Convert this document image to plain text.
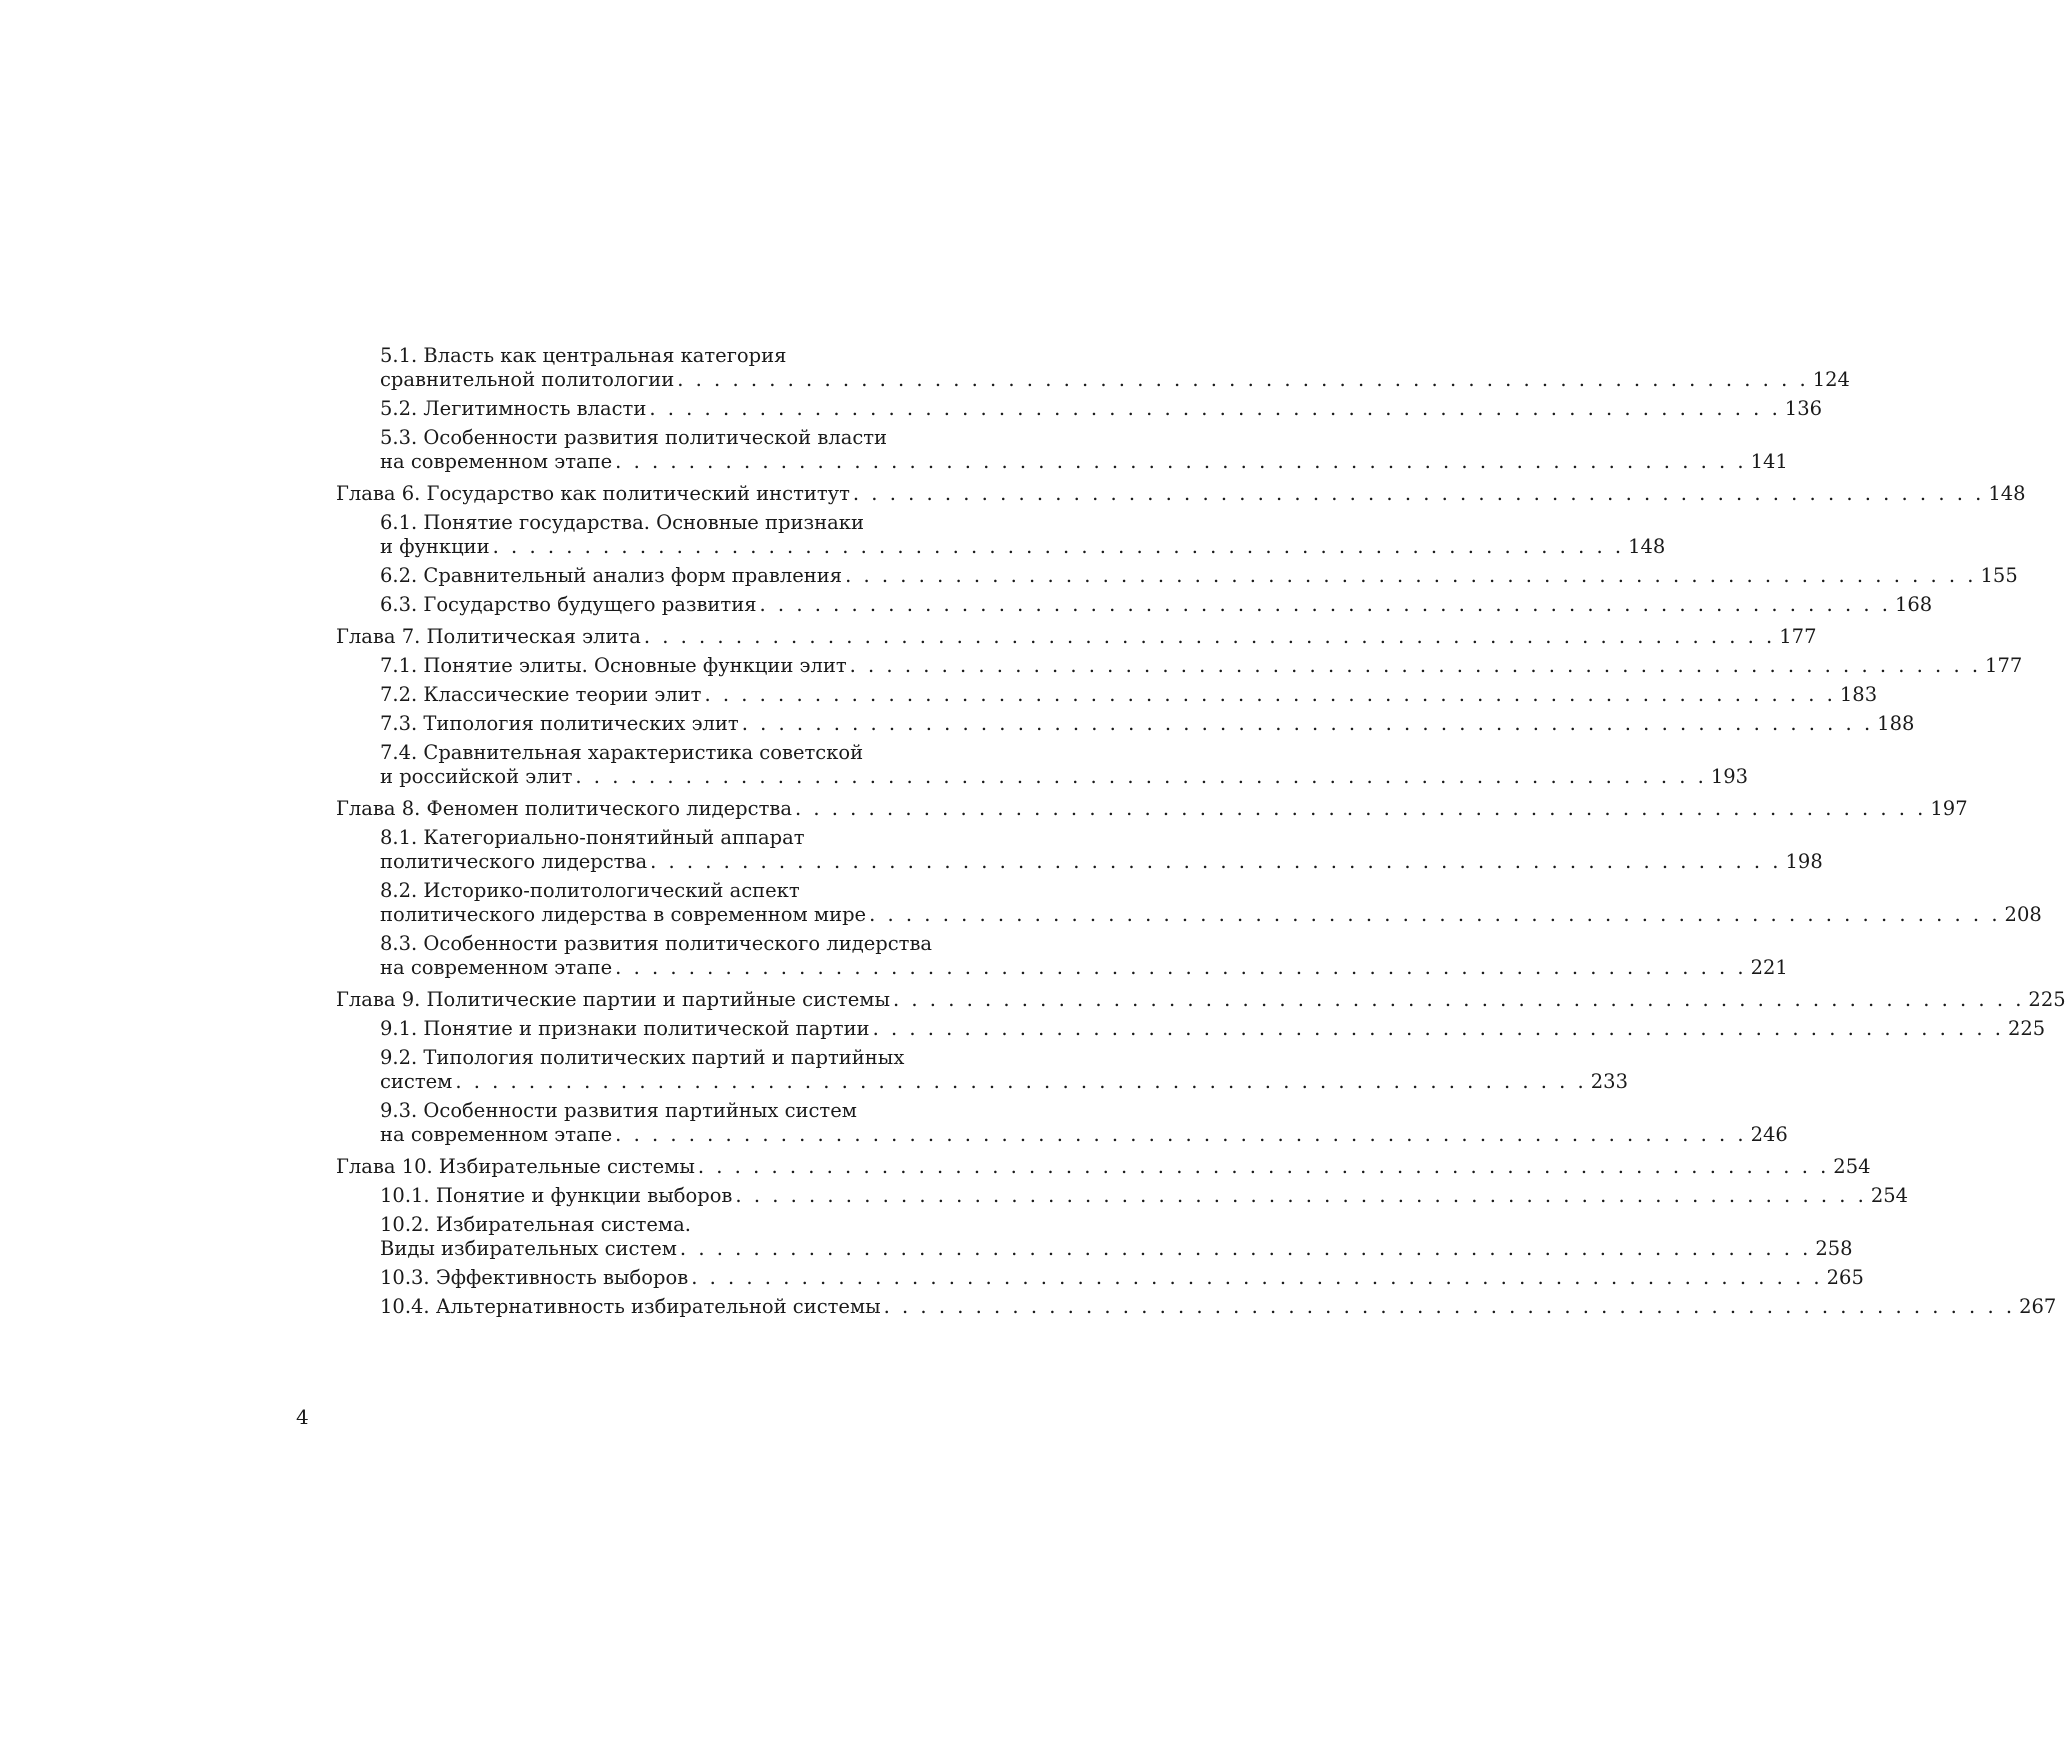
5.1. Власть как центральная категория
сравнительной политологии . . . . . . . . . . . . . . . . . . . . . . . . . . . . . . . . . . . . . . . . . . . . . . . . . . . . . . . . . . . . . . 124
5.2. Легитимность власти . . . . . . . . . . . . . . . . . . . . . . . . . . . . . . . . . . . . . . . . . . . . . . . . . . . . . . . . . . . . . . 136
5.3. Особенности развития политической власти
на современном этапе . . . . . . . . . . . . . . . . . . . . . . . . . . . . . . . . . . . . . . . . . . . . . . . . . . . . . . . . . . . . . . 141
Глава 6. Государство как политический институт . . . . . . . . . . . . . . . . . . . . . . . . . . . . . . . . . . . . . . . . . . . . . . . . . . . . . . . . . . . . . . 148
6.1. Понятие государства. Основные признаки
и функции . . . . . . . . . . . . . . . . . . . . . . . . . . . . . . . . . . . . . . . . . . . . . . . . . . . . . . . . . . . . . . 148
6.2. Сравнительный анализ форм правления . . . . . . . . . . . . . . . . . . . . . . . . . . . . . . . . . . . . . . . . . . . . . . . . . . . . . . . . . . . . . . 155
6.3. Государство будущего развития . . . . . . . . . . . . . . . . . . . . . . . . . . . . . . . . . . . . . . . . . . . . . . . . . . . . . . . . . . . . . . 168
Глава 7. Политическая элита . . . . . . . . . . . . . . . . . . . . . . . . . . . . . . . . . . . . . . . . . . . . . . . . . . . . . . . . . . . . . . 177
7.1. Понятие элиты. Основные функции элит . . . . . . . . . . . . . . . . . . . . . . . . . . . . . . . . . . . . . . . . . . . . . . . . . . . . . . . . . . . . . . 177
7.2. Классические теории элит . . . . . . . . . . . . . . . . . . . . . . . . . . . . . . . . . . . . . . . . . . . . . . . . . . . . . . . . . . . . . . 183
7.3. Типология политических элит . . . . . . . . . . . . . . . . . . . . . . . . . . . . . . . . . . . . . . . . . . . . . . . . . . . . . . . . . . . . . . 188
7.4. Сравнительная характеристика советской
и российской элит . . . . . . . . . . . . . . . . . . . . . . . . . . . . . . . . . . . . . . . . . . . . . . . . . . . . . . . . . . . . . . 193
Глава 8. Феномен политического лидерства . . . . . . . . . . . . . . . . . . . . . . . . . . . . . . . . . . . . . . . . . . . . . . . . . . . . . . . . . . . . . . 197
8.1. Категориально-понятийный аппарат
политического лидерства . . . . . . . . . . . . . . . . . . . . . . . . . . . . . . . . . . . . . . . . . . . . . . . . . . . . . . . . . . . . . . 198
8.2. Историко-политологический аспект
политического лидерства в современном мире . . . . . . . . . . . . . . . . . . . . . . . . . . . . . . . . . . . . . . . . . . . . . . . . . . . . . . . . . . . . . . 208
8.3. Особенности развития политического лидерства
на современном этапе . . . . . . . . . . . . . . . . . . . . . . . . . . . . . . . . . . . . . . . . . . . . . . . . . . . . . . . . . . . . . . 221
Глава 9. Политические партии и партийные системы . . . . . . . . . . . . . . . . . . . . . . . . . . . . . . . . . . . . . . . . . . . . . . . . . . . . . . . . . . . . . . 225
9.1. Понятие и признаки политической партии . . . . . . . . . . . . . . . . . . . . . . . . . . . . . . . . . . . . . . . . . . . . . . . . . . . . . . . . . . . . . . 225
9.2. Типология политических партий и партийных
систем . . . . . . . . . . . . . . . . . . . . . . . . . . . . . . . . . . . . . . . . . . . . . . . . . . . . . . . . . . . . . . 233
9.3. Особенности развития партийных систем
на современном этапе . . . . . . . . . . . . . . . . . . . . . . . . . . . . . . . . . . . . . . . . . . . . . . . . . . . . . . . . . . . . . . 246
Глава 10. Избирательные системы . . . . . . . . . . . . . . . . . . . . . . . . . . . . . . . . . . . . . . . . . . . . . . . . . . . . . . . . . . . . . . 254
10.1. Понятие и функции выборов . . . . . . . . . . . . . . . . . . . . . . . . . . . . . . . . . . . . . . . . . . . . . . . . . . . . . . . . . . . . . . 254
10.2. Избирательная система.
Виды избирательных систем . . . . . . . . . . . . . . . . . . . . . . . . . . . . . . . . . . . . . . . . . . . . . . . . . . . . . . . . . . . . . . 258
10.3. Эффективность выборов . . . . . . . . . . . . . . . . . . . . . . . . . . . . . . . . . . . . . . . . . . . . . . . . . . . . . . . . . . . . . . 265
10.4. Альтернативность избирательной системы . . . . . . . . . . . . . . . . . . . . . . . . . . . . . . . . . . . . . . . . . . . . . . . . . . . . . . . . . . . . . . 267
4
